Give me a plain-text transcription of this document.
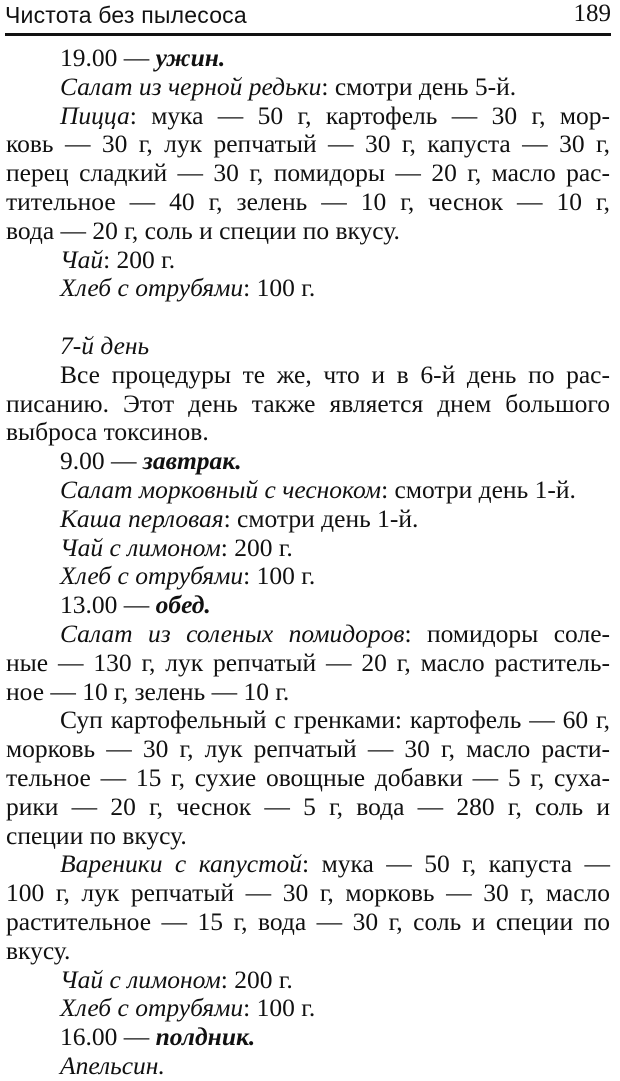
Чистота без пылесоса	189
19.00 — ужин.
Салат из черной редьки: смотри день 5-й.
Пицца: мука — 50 г, картофель — 30 г, мор-
ковь — 30 г, лук репчатый — 30 г, капуста — 30 г,
перец сладкий — 30 г, помидоры — 20 г, масло рас-
тительное — 40 г, зелень — 10 г, чеснок — 10 г,
вода — 20 г, соль и специи по вкусу.
Чай: 200 г.
Хлеб с отрубями: 100 г.
7-й день
Все процедуры те же, что и в 6-й день по рас-
писанию. Этот день также является днем большого
выброса токсинов.
9.00 — завтрак.
Салат морковный с чесноком: смотри день 1-й.
Каша перловая: смотри день 1-й.
Чай с лимоном: 200 г.
Хлеб с отрубями: 100 г.
13.00 — обед.
Салат из соленых помидоров: помидоры соле-
ные — 130 г, лук репчатый — 20 г, масло раститель-
ное — 10 г, зелень — 10 г.
Суп картофельный с гренками: картофель — 60 г,
морковь — 30 г, лук репчатый — 30 г, масло расти-
тельное — 15 г, сухие овощные добавки — 5 г, суха-
рики — 20 г, чеснок — 5 г, вода — 280 г, соль и
специи по вкусу.
Вареники с капустой: мука — 50 г, капуста —
100 г, лук репчатый — 30 г, морковь — 30 г, масло
растительное — 15 г, вода — 30 г, соль и специи по
вкусу.
Чай с лимоном: 200 г.
Хлеб с отрубями: 100 г.
16.00 — полдник.
Апельсин.
